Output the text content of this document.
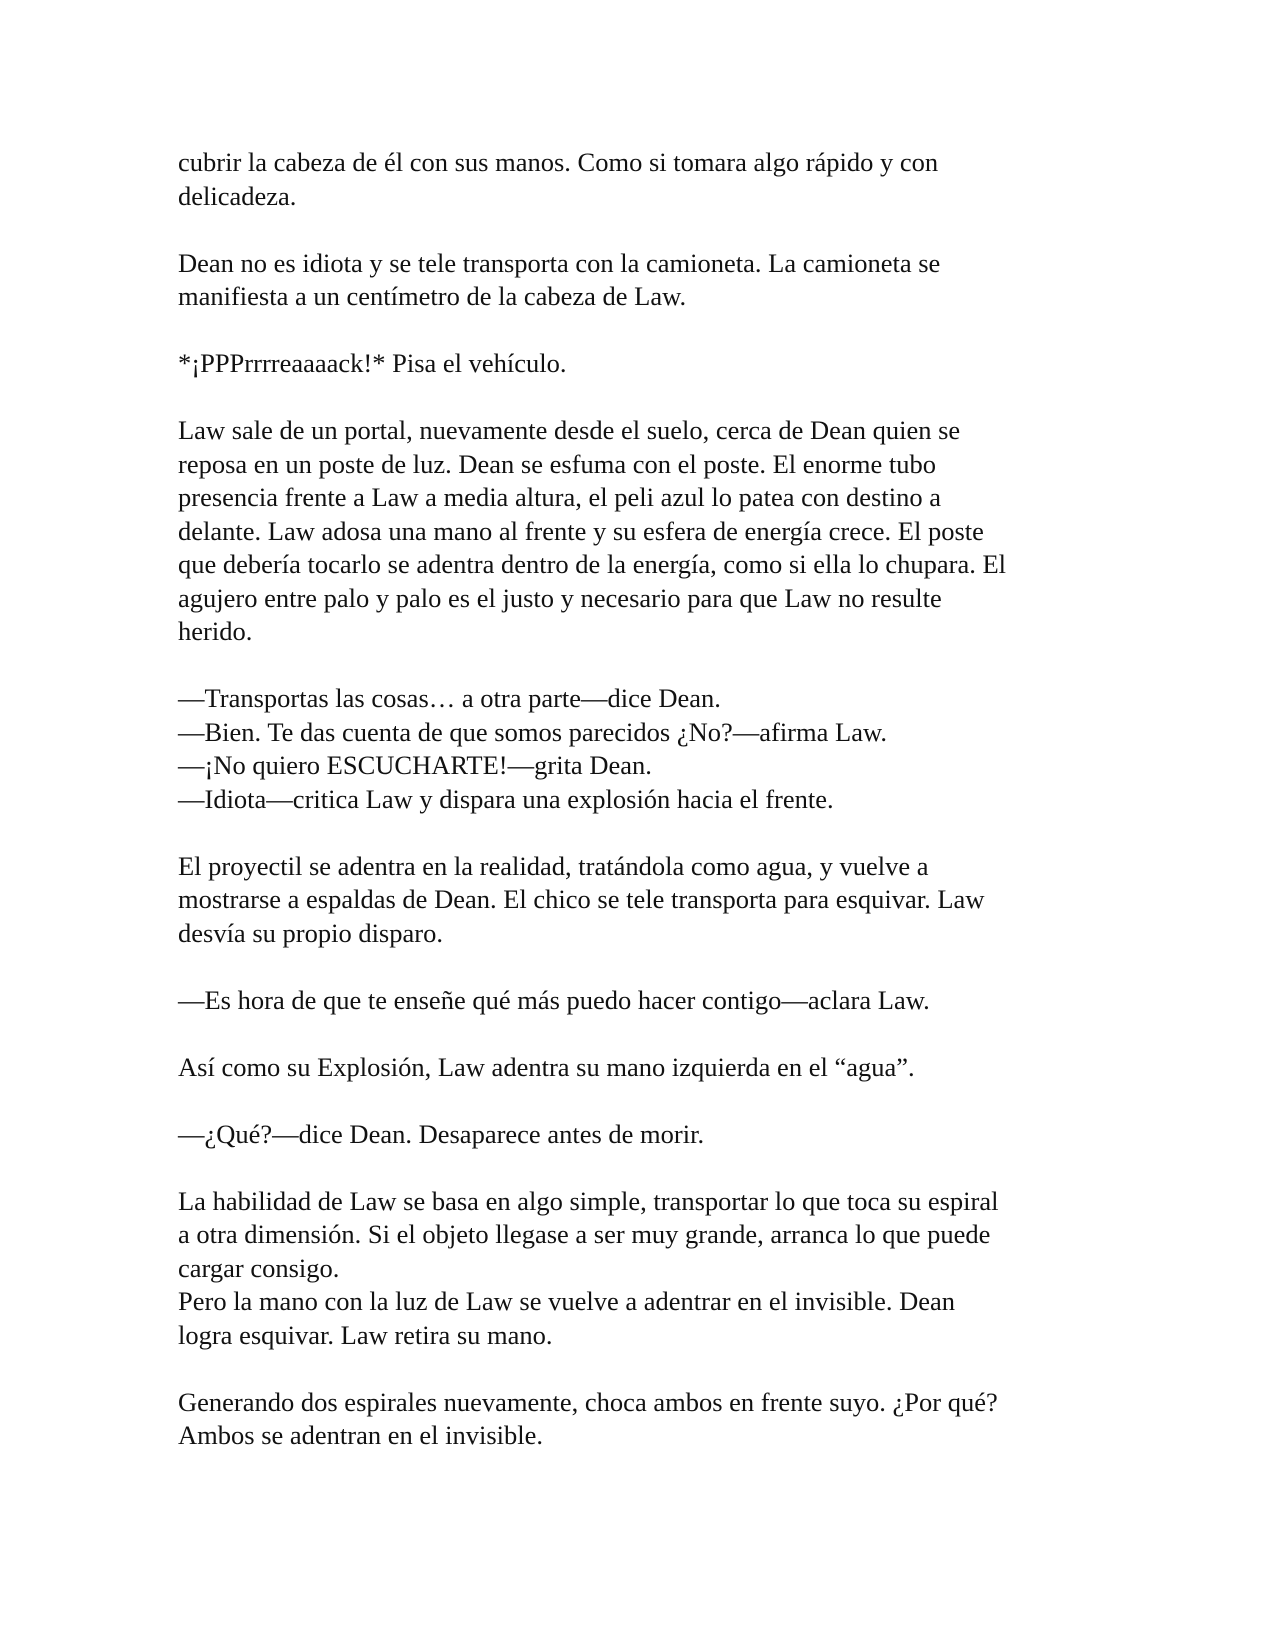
cubrir la cabeza de él con sus manos. Como si tomara algo rápido y con
delicadeza.

Dean no es idiota y se tele transporta con la camioneta. La camioneta se
manifiesta a un centímetro de la cabeza de Law.

*¡PPPrrrreaaaack!* Pisa el vehículo.

Law sale de un portal, nuevamente desde el suelo, cerca de Dean quien se
reposa en un poste de luz. Dean se esfuma con el poste. El enorme tubo
presencia frente a Law a media altura, el peli azul lo patea con destino a
delante. Law adosa una mano al frente y su esfera de energía crece. El poste
que debería tocarlo se adentra dentro de la energía, como si ella lo chupara. El
agujero entre palo y palo es el justo y necesario para que Law no resulte
herido.

—Transportas las cosas… a otra parte—dice Dean.
—Bien. Te das cuenta de que somos parecidos ¿No?—afirma Law.
—¡No quiero ESCUCHARTE!—grita Dean.
—Idiota—critica Law y dispara una explosión hacia el frente.

El proyectil se adentra en la realidad, tratándola como agua, y vuelve a
mostrarse a espaldas de Dean. El chico se tele transporta para esquivar. Law
desvía su propio disparo.

—Es hora de que te enseñe qué más puedo hacer contigo—aclara Law.

Así como su Explosión, Law adentra su mano izquierda en el “agua”.

—¿Qué?—dice Dean. Desaparece antes de morir.

La habilidad de Law se basa en algo simple, transportar lo que toca su espiral
a otra dimensión. Si el objeto llegase a ser muy grande, arranca lo que puede
cargar consigo.

Pero la mano con la luz de Law se vuelve a adentrar en el invisible. Dean
logra esquivar. Law retira su mano.

Generando dos espirales nuevamente, choca ambos en frente suyo. ¿Por qué?
Ambos se adentran en el invisible.
